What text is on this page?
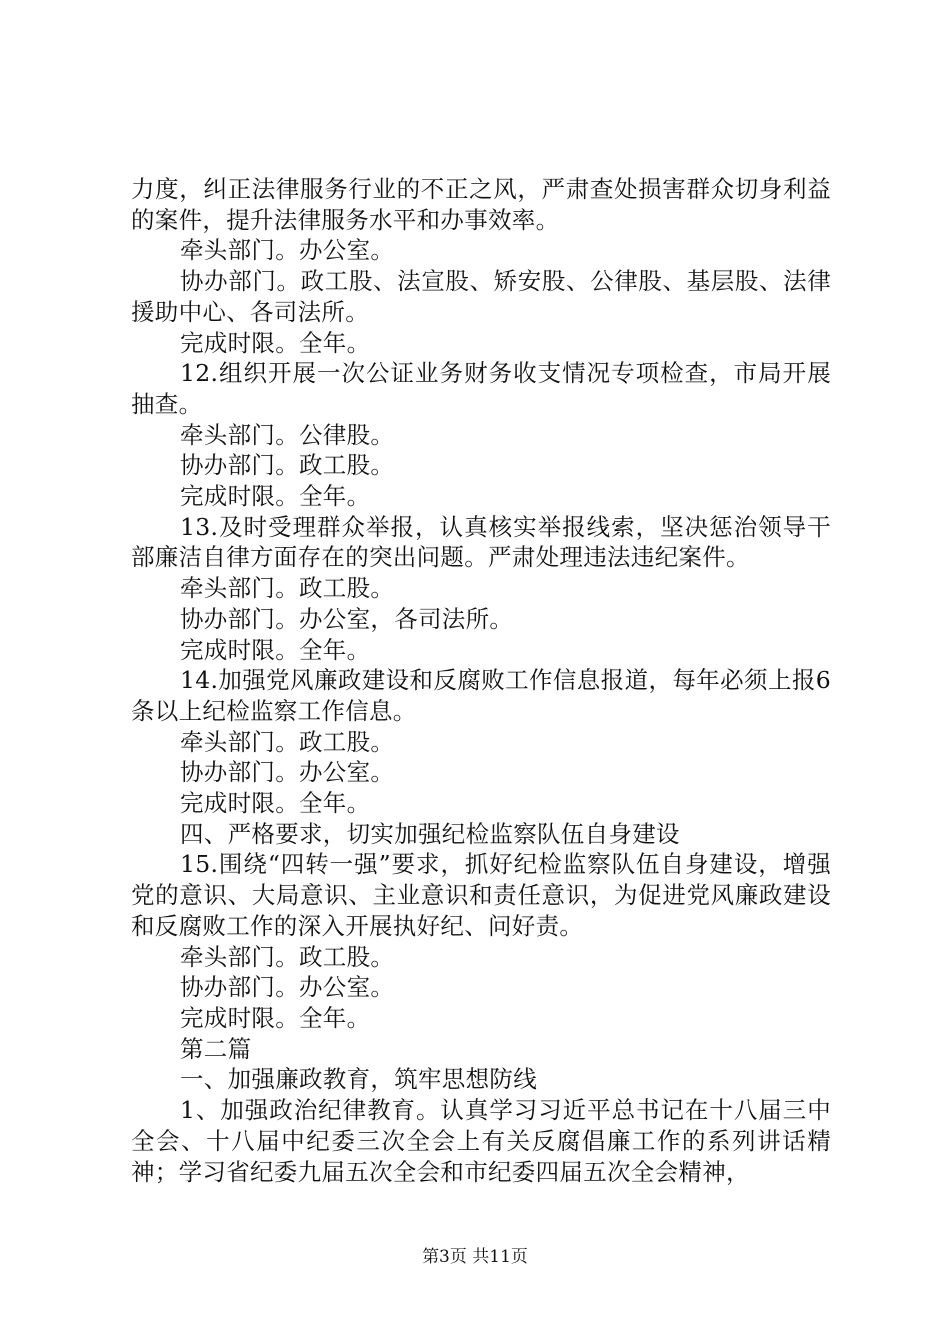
力度，纠正法律服务行业的不正之风，严肃查处损害群众切身利益的案件，提升法律服务水平和办事效率。

牵头部门。办公室。

协办部门。政工股、法宣股、矫安股、公律股、基层股、法律援助中心、各司法所。

完成时限。全年。

12.组织开展一次公证业务财务收支情况专项检查，市局开展抽查。

牵头部门。公律股。

协办部门。政工股。

完成时限。全年。

13.及时受理群众举报，认真核实举报线索，坚决惩治领导干部廉洁自律方面存在的突出问题。严肃处理违法违纪案件。

牵头部门。政工股。

协办部门。办公室，各司法所。

完成时限。全年。

14.加强党风廉政建设和反腐败工作信息报道，每年必须上报6条以上纪检监察工作信息。

牵头部门。政工股。

协办部门。办公室。

完成时限。全年。

四、严格要求，切实加强纪检监察队伍自身建设

15.围绕“四转一强”要求，抓好纪检监察队伍自身建设，增强党的意识、大局意识、主业意识和责任意识，为促进党风廉政建设和反腐败工作的深入开展执好纪、问好责。

牵头部门。政工股。

协办部门。办公室。

完成时限。全年。

第二篇

一、加强廉政教育，筑牢思想防线

1、加强政治纪律教育。认真学习习近平总书记在十八届三中全会、十八届中纪委三次全会上有关反腐倡廉工作的系列讲话精神；学习省纪委九届五次全会和市纪委四届五次全会精神，

第3页 共11页
